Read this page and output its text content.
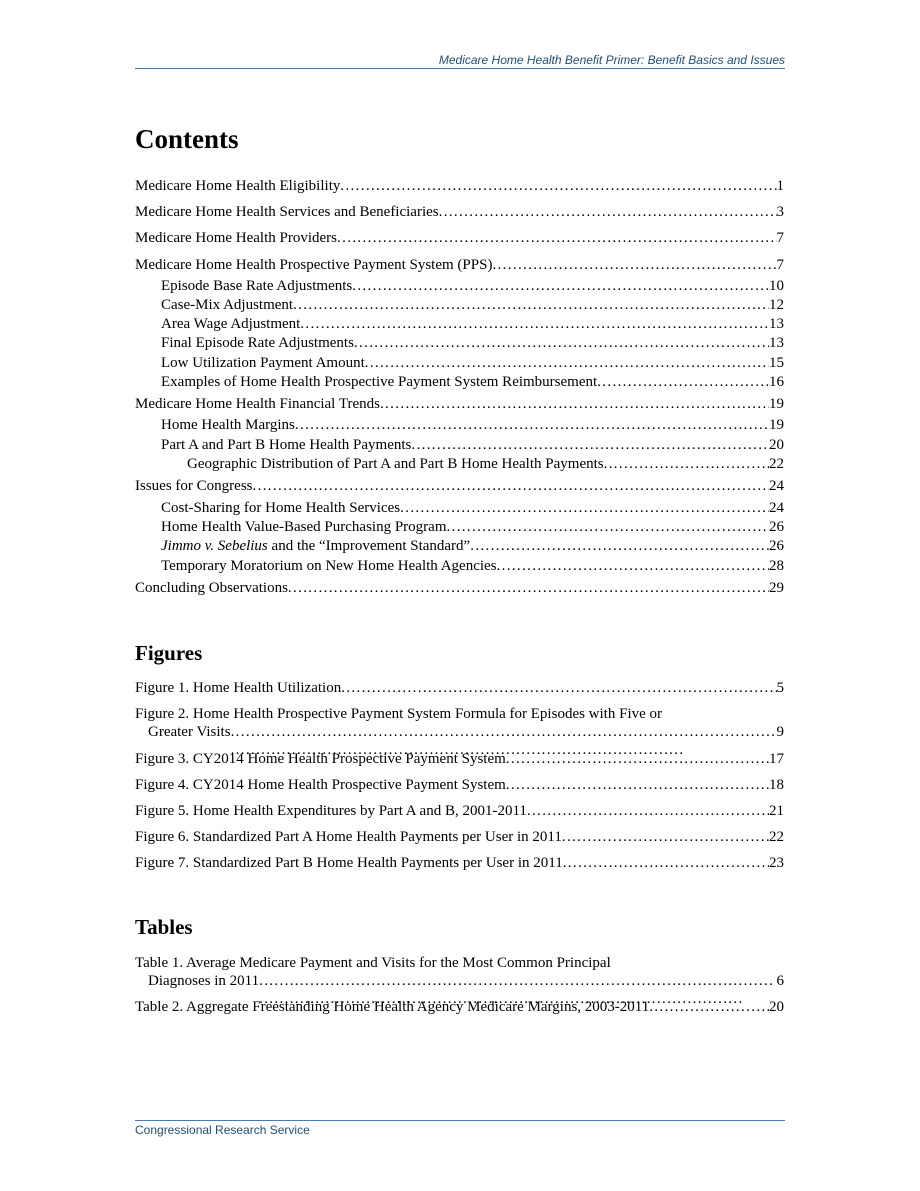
Medicare Home Health Benefit Primer: Benefit Basics and Issues
Contents
Medicare Home Health Eligibility . . .	1
Medicare Home Health Services and Beneficiaries . . .	3
Medicare Home Health Providers . . .	7
Medicare Home Health Prospective Payment System (PPS) . . .	7
Episode Base Rate Adjustments . . .	10
Case-Mix Adjustment . . .	12
Area Wage Adjustment . . .	13
Final Episode Rate Adjustments . . .	13
Low Utilization Payment Amount . . .	15
Examples of Home Health Prospective Payment System Reimbursement . . .	16
Medicare Home Health Financial Trends . . .	19
Home Health Margins . . .	19
Part A and Part B Home Health Payments . . .	20
Geographic Distribution of Part A and Part B Home Health Payments . . .	22
Issues for Congress . . .	24
Cost-Sharing for Home Health Services . . .	24
Home Health Value-Based Purchasing Program . . .	26
Jimmo v. Sebelius and the “Improvement Standard” . . .	26
Temporary Moratorium on New Home Health Agencies . . .	28
Concluding Observations . . .	29
Figures
Figure 1. Home Health Utilization . . .	5
Figure 2. Home Health Prospective Payment System Formula for Episodes with Five or
Greater Visits . . .	9
Figure 3. CY2014 Home Health Prospective Payment System . . .	17
Figure 4. CY2014 Home Health Prospective Payment System . . .	18
Figure 5. Home Health Expenditures by Part A and B, 2001-2011 . . .	21
Figure 6. Standardized Part A Home Health Payments per User in 2011 . . .	22
Figure 7. Standardized Part B Home Health Payments per User in 2011 . . .	23
Tables
Table 1. Average Medicare Payment and Visits for the Most Common Principal
Diagnoses in 2011 . . .	6
Table 2. Aggregate Freestanding Home Health Agency Medicare Margins, 2003-2011 . . .	20
Congressional Research Service
